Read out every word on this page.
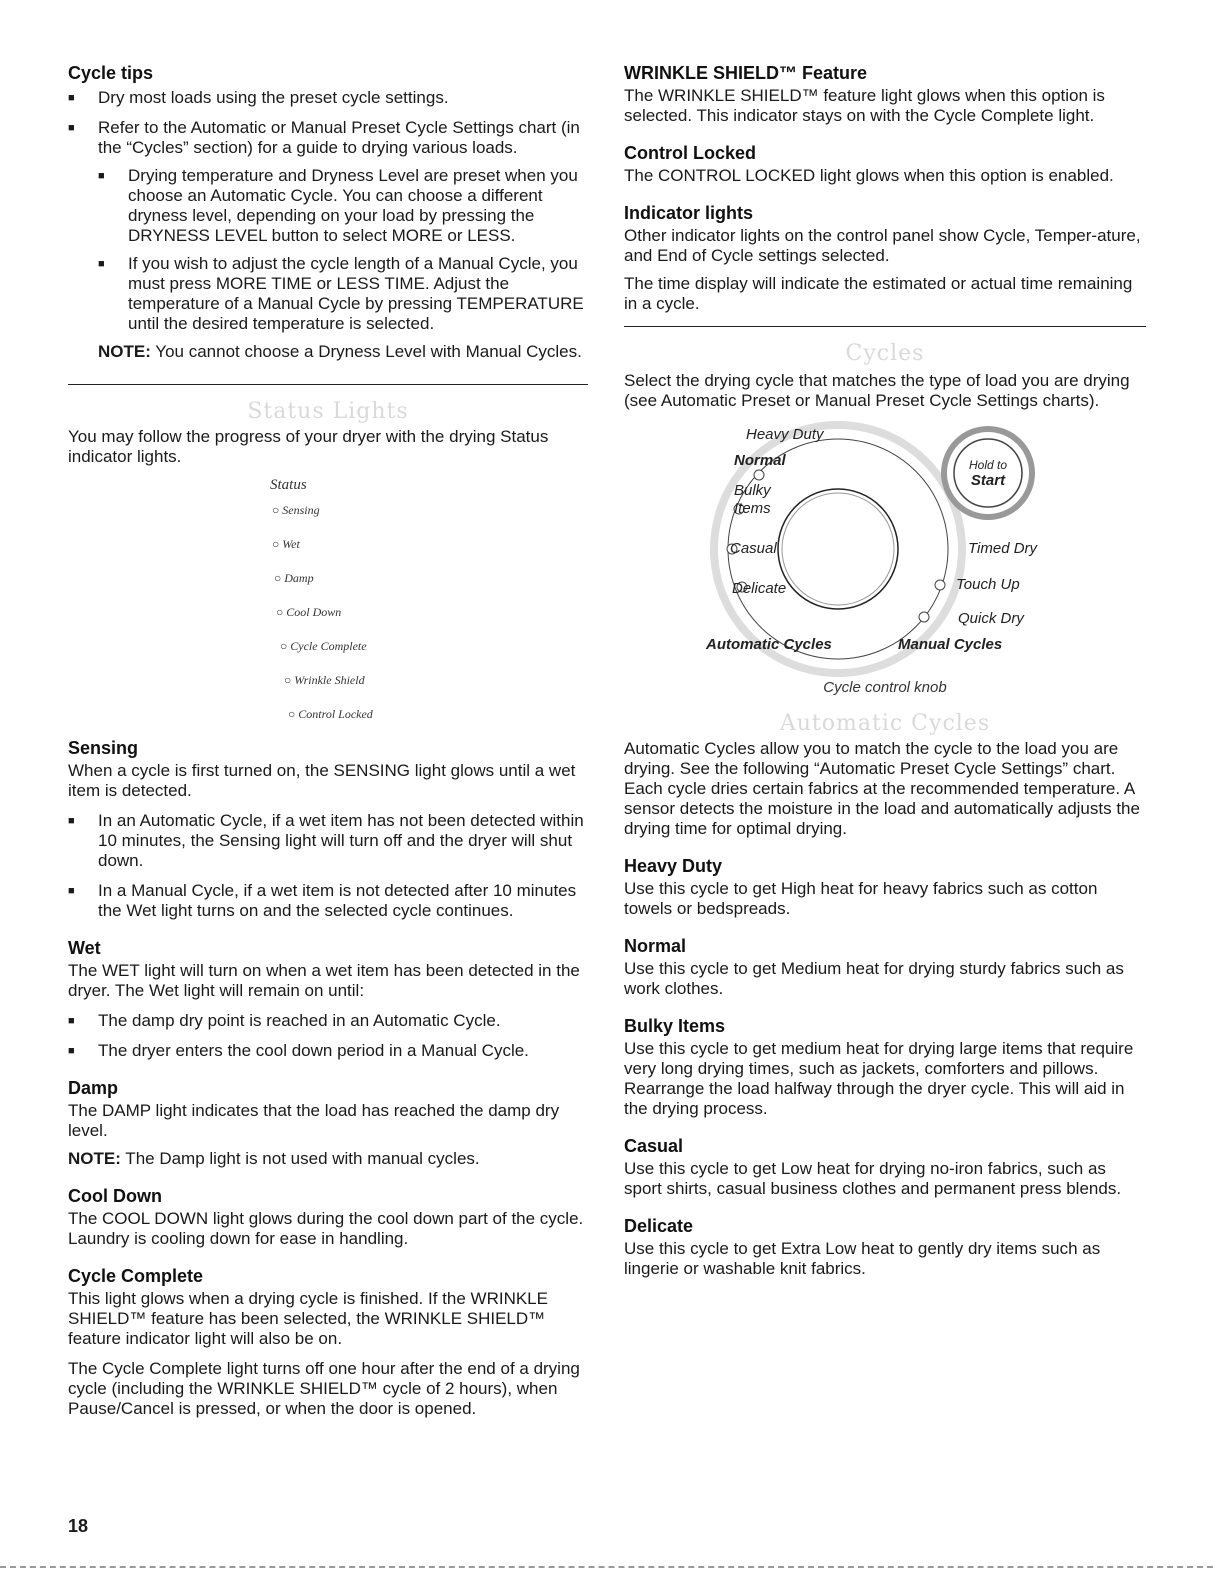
Cycle tips
■	Dry most loads using the preset cycle settings.
■	Refer to the Automatic or Manual Preset Cycle Settings chart (in the “Cycles” section) for a guide to drying various loads.
■	Drying temperature and Dryness Level are preset when you choose an Automatic Cycle. You can choose a different dryness level, depending on your load by pressing the DRYNESS LEVEL button to select MORE or LESS.
■	If you wish to adjust the cycle length of a Manual Cycle, you must press MORE TIME or LESS TIME. Adjust the temperature of a Manual Cycle by pressing TEMPERATURE until the desired temperature is selected.

NOTE: You cannot choose a Dryness Level with Manual Cycles.

Status Lights

You may follow the progress of your dryer with the drying Status indicator lights.

Status
○ Sensing
○ Wet
○ Damp
○ Cool Down
○ Cycle Complete
○ Wrinkle Shield
○ Control Locked
Sensing

When a cycle is first turned on, the SENSING light glows until a wet item is detected.

■	In an Automatic Cycle, if a wet item has not been detected within 10 minutes, the Sensing light will turn off and the dryer will shut down.
■	In a Manual Cycle, if a wet item is not detected after 10 minutes the Wet light turns on and the selected cycle continues.
Wet

The WET light will turn on when a wet item has been detected in the dryer. The Wet light will remain on until:

■	The damp dry point is reached in an Automatic Cycle.
■	The dryer enters the cool down period in a Manual Cycle.
Damp

The DAMP light indicates that the load has reached the damp dry level.

NOTE: The Damp light is not used with manual cycles.

Cool Down

The COOL DOWN light glows during the cool down part of the cycle. Laundry is cooling down for ease in handling.

Cycle Complete

This light glows when a drying cycle is finished. If the WRINKLE SHIELD™ feature has been selected, the WRINKLE SHIELD™ feature indicator light will also be on.

The Cycle Complete light turns off one hour after the end of a drying cycle (including the WRINKLE SHIELD™ cycle of 2 hours), when Pause/Cancel is pressed, or when the door is opened.

WRINKLE SHIELD™ Feature

The WRINKLE SHIELD™ feature light glows when this option is selected. This indicator stays on with the Cycle Complete light.

Control Locked

The CONTROL LOCKED light glows when this option is enabled.

Indicator lights

Other indicator lights on the control panel show Cycle, Temper-ature, and End of Cycle settings selected.

The time display will indicate the estimated or actual time remaining in a cycle.

Cycles

Select the drying cycle that matches the type of load you are drying (see Automatic Preset or Manual Preset Cycle Settings charts).

Hold to
Start
Heavy Duty
Normal
Bulky
Items
Casual
Delicate
Timed Dry
Touch Up
Quick Dry
Automatic Cycles	Manual Cycles
Cycle control knob
Automatic Cycles

Automatic Cycles allow you to match the cycle to the load you are drying. See the following “Automatic Preset Cycle Settings” chart. Each cycle dries certain fabrics at the recommended temperature. A sensor detects the moisture in the load and automatically adjusts the drying time for optimal drying.

Heavy Duty

Use this cycle to get High heat for heavy fabrics such as cotton towels or bedspreads.

Normal

Use this cycle to get Medium heat for drying sturdy fabrics such as work clothes.

Bulky Items

Use this cycle to get medium heat for drying large items that require very long drying times, such as jackets, comforters and pillows. Rearrange the load halfway through the dryer cycle. This will aid in the drying process.

Casual

Use this cycle to get Low heat for drying no-iron fabrics, such as sport shirts, casual business clothes and permanent press blends.

Delicate

Use this cycle to get Extra Low heat to gently dry items such as lingerie or washable knit fabrics.

18
